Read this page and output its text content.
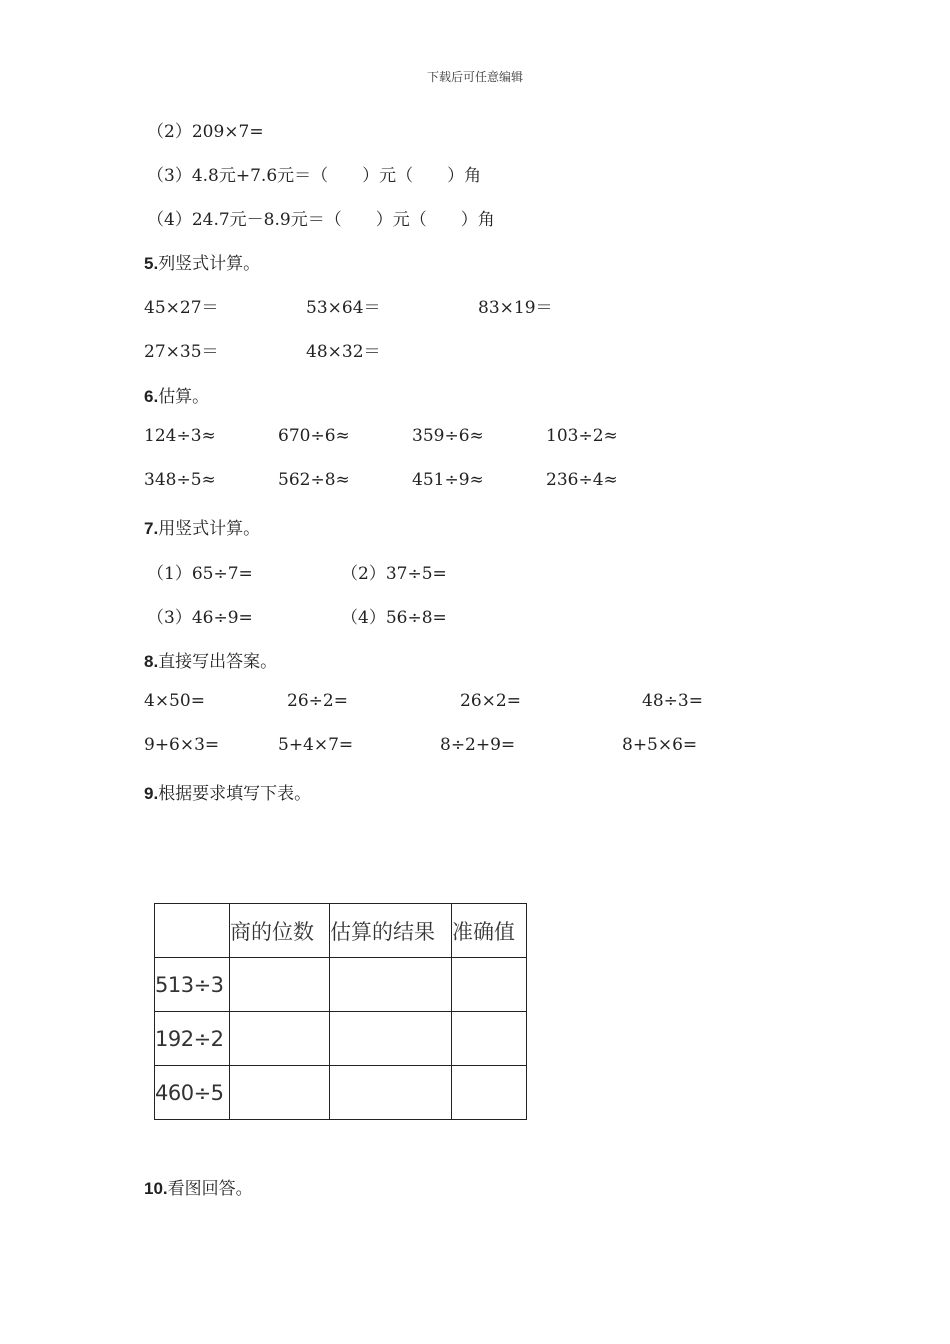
下载后可任意编辑
（2）209×7=
（3）4.8元+7.6元＝（　　）元（　　）角
（4）24.7元－8.9元＝（　　）元（　　）角
5.列竖式计算。
45×27＝	53×64＝	83×19＝
27×35＝	48×32＝
6.估算。
124÷3≈	670÷6≈	359÷6≈	103÷2≈
348÷5≈	562÷8≈	451÷9≈	236÷4≈
7.用竖式计算。
（1）65÷7=	（2）37÷5=
（3）46÷9=	（4）56÷8=
8.直接写出答案。
4×50=	26÷2=	26×2=	48÷3=
9+6×3=	5+4×7=	8÷2+9=	8+5×6=
9.根据要求填写下表。
	商的位数	估算的结果	准确值
513÷3			
192÷2			
460÷5			
10.看图回答。
